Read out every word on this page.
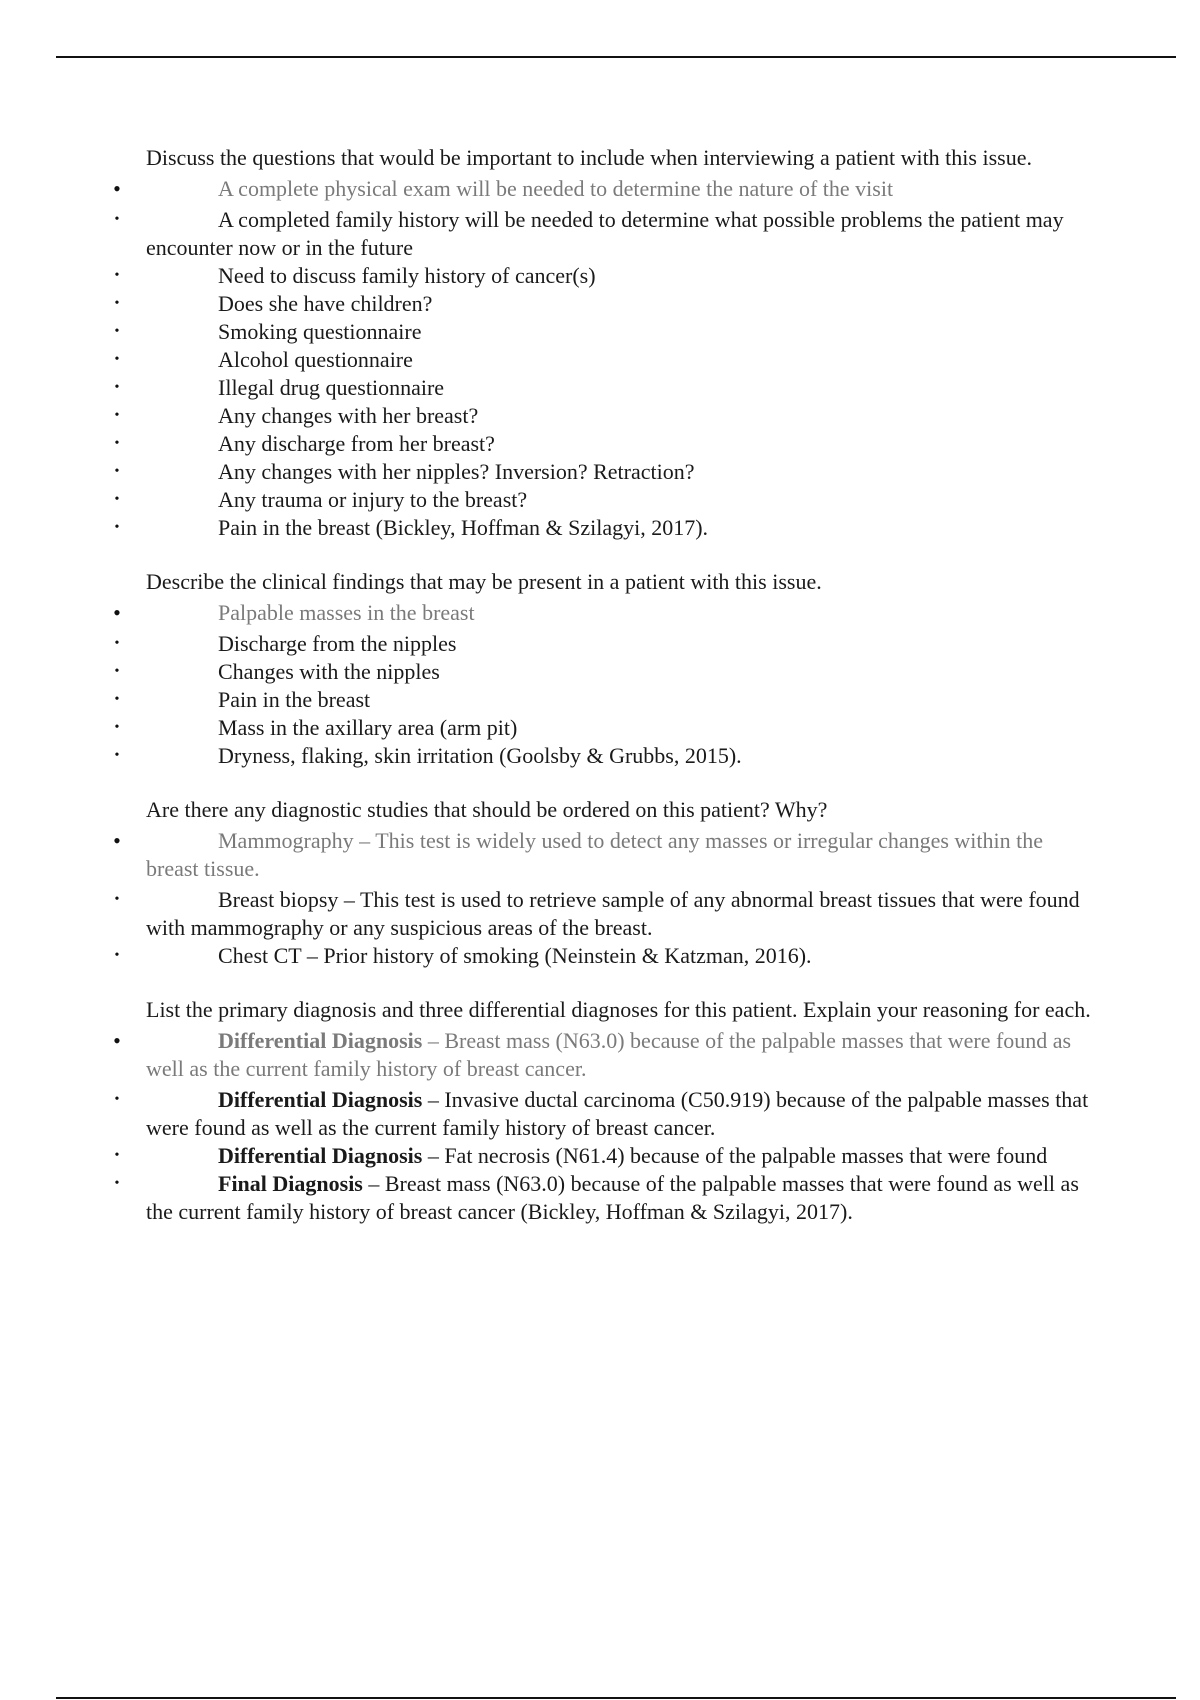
Discuss the questions that would be important to include when interviewing a patient with this issue.

•	A complete physical exam will be needed to determine the nature of the visit
•	A completed family history will be needed to determine what possible problems the patient may encounter now or in the future
•	Need to discuss family history of cancer(s)
•	Does she have children?
•	Smoking questionnaire
•	Alcohol questionnaire
•	Illegal drug questionnaire
•	Any changes with her breast?
•	Any discharge from her breast?
•	Any changes with her nipples? Inversion? Retraction?
•	Any trauma or injury to the breast?
•	Pain in the breast (Bickley, Hoffman & Szilagyi, 2017).

Describe the clinical findings that may be present in a patient with this issue.

•	Palpable masses in the breast
•	Discharge from the nipples
•	Changes with the nipples
•	Pain in the breast
•	Mass in the axillary area (arm pit)
•	Dryness, flaking, skin irritation (Goolsby & Grubbs, 2015).

Are there any diagnostic studies that should be ordered on this patient? Why?

•	Mammography – This test is widely used to detect any masses or irregular changes within the breast tissue.
•	Breast biopsy – This test is used to retrieve sample of any abnormal breast tissues that were found with mammography or any suspicious areas of the breast.
•	Chest CT – Prior history of smoking (Neinstein & Katzman, 2016).

List the primary diagnosis and three differential diagnoses for this patient. Explain your reasoning for each.

•	Differential Diagnosis – Breast mass (N63.0) because of the palpable masses that were found as well as the current family history of breast cancer.
•	Differential Diagnosis – Invasive ductal carcinoma (C50.919) because of the palpable masses that were found as well as the current family history of breast cancer.
•	Differential Diagnosis – Fat necrosis (N61.4) because of the palpable masses that were found
•	Final Diagnosis – Breast mass (N63.0) because of the palpable masses that were found as well as the current family history of breast cancer (Bickley, Hoffman & Szilagyi, 2017).
